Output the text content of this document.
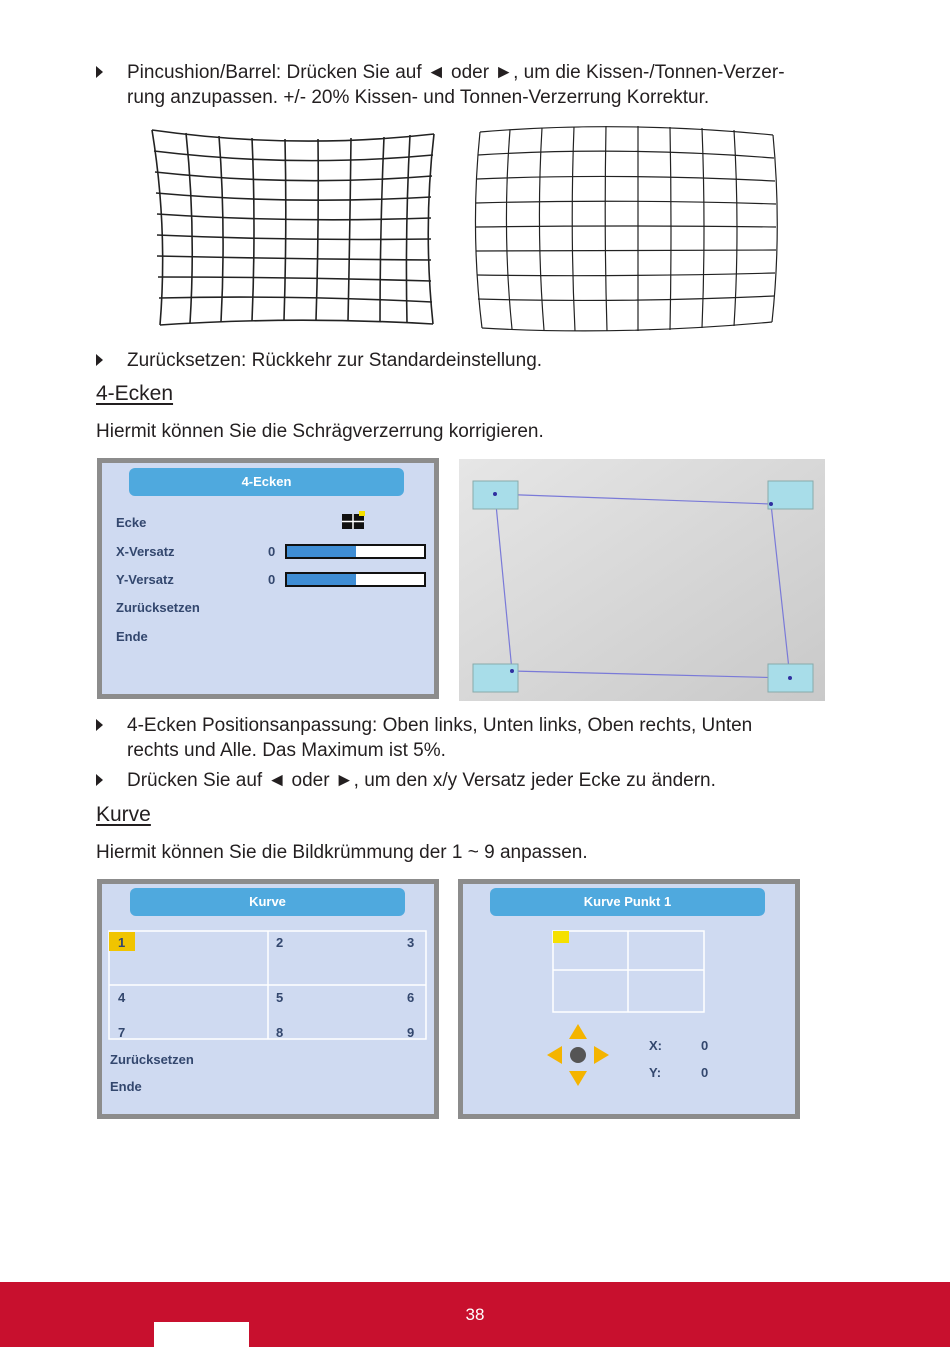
Pincushion/Barrel: Drücken Sie auf ◄ oder ►, um die Kissen-/Tonnen-Verzer-
rung anzupassen. +/- 20% Kissen- und Tonnen-Verzerrung Korrektur.
Zurücksetzen: Rückkehr zur Standardeinstellung.
4-Ecken
Hiermit können Sie die Schrägverzerrung korrigieren.
4-Ecken
Ecke
X-Versatz	0
Y-Versatz	0
Zurücksetzen
Ende
4-Ecken Positionsanpassung: Oben links, Unten links, Oben rechts, Unten
rechts und Alle. Das Maximum ist 5%.
Drücken Sie auf ◄ oder ►, um den x/y Versatz jeder Ecke zu ändern.
Kurve
Hiermit können Sie die Bildkrümmung der 1 ~ 9 anpassen.
Kurve
1	2	3
4	5	6
7	8	9
Zurücksetzen
Ende
Kurve Punkt 1
X:	0
Y:	0
38
